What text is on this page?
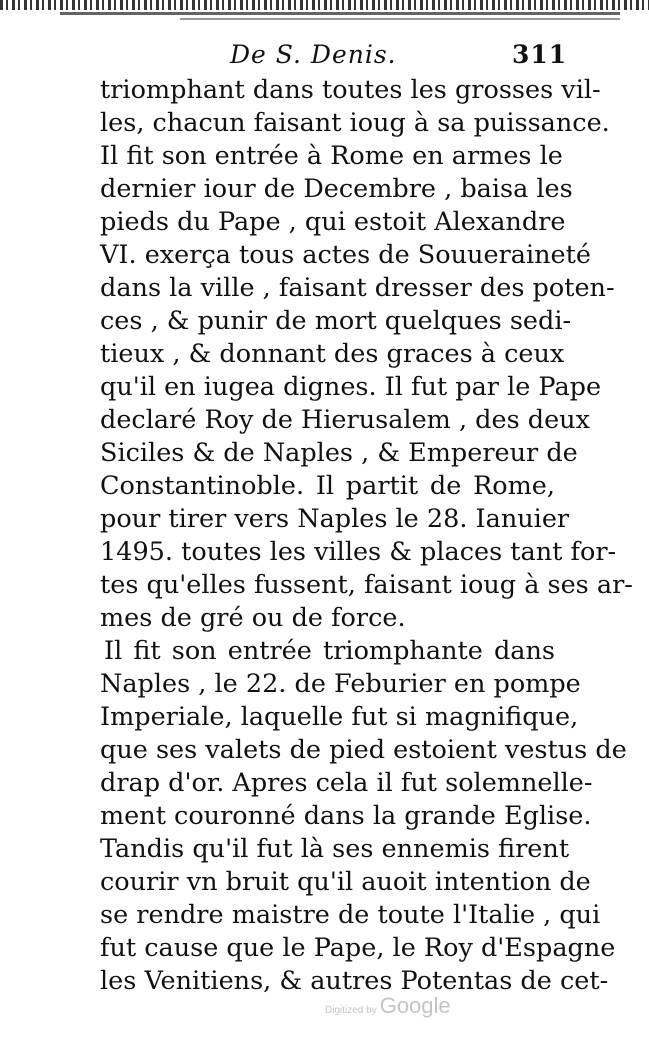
De S. Denis.	311
triomphant dans toutes les grosses vil-
les, chacun faisant ioug à sa puissance.
Il fit son entrée à Rome en armes le
dernier iour de Decembre , baisa les
pieds du Pape , qui estoit Alexandre
VI. exerça tous actes de Souueraineté
dans la ville , faisant dresser des poten-
ces , & punir de mort quelques sedi-
tieux , & donnant des graces à ceux
qu'il en iugea dignes. Il fut par le Pape
declaré Roy de Hierusalem , des deux
Siciles & de Naples , & Empereur de
Constantinoble. Il partit de Rome,
pour tirer vers Naples le 28. Ianuier
1495. toutes les villes & places tant for-
tes qu'elles fussent, faisant ioug à ses ar-
mes de gré ou de force.
Il fit son entrée triomphante dans
Naples , le 22. de Feburier en pompe
Imperiale, laquelle fut si magnifique,
que ses valets de pied estoient vestus de
drap d'or. Apres cela il fut solemnelle-
ment couronné dans la grande Eglise.
Tandis qu'il fut là ses ennemis firent
courir vn bruit qu'il auoit intention de
se rendre maistre de toute l'Italie , qui
fut cause que le Pape, le Roy d'Espagne
les Venitiens, & autres Potentas de cet-
Digitized by Google
